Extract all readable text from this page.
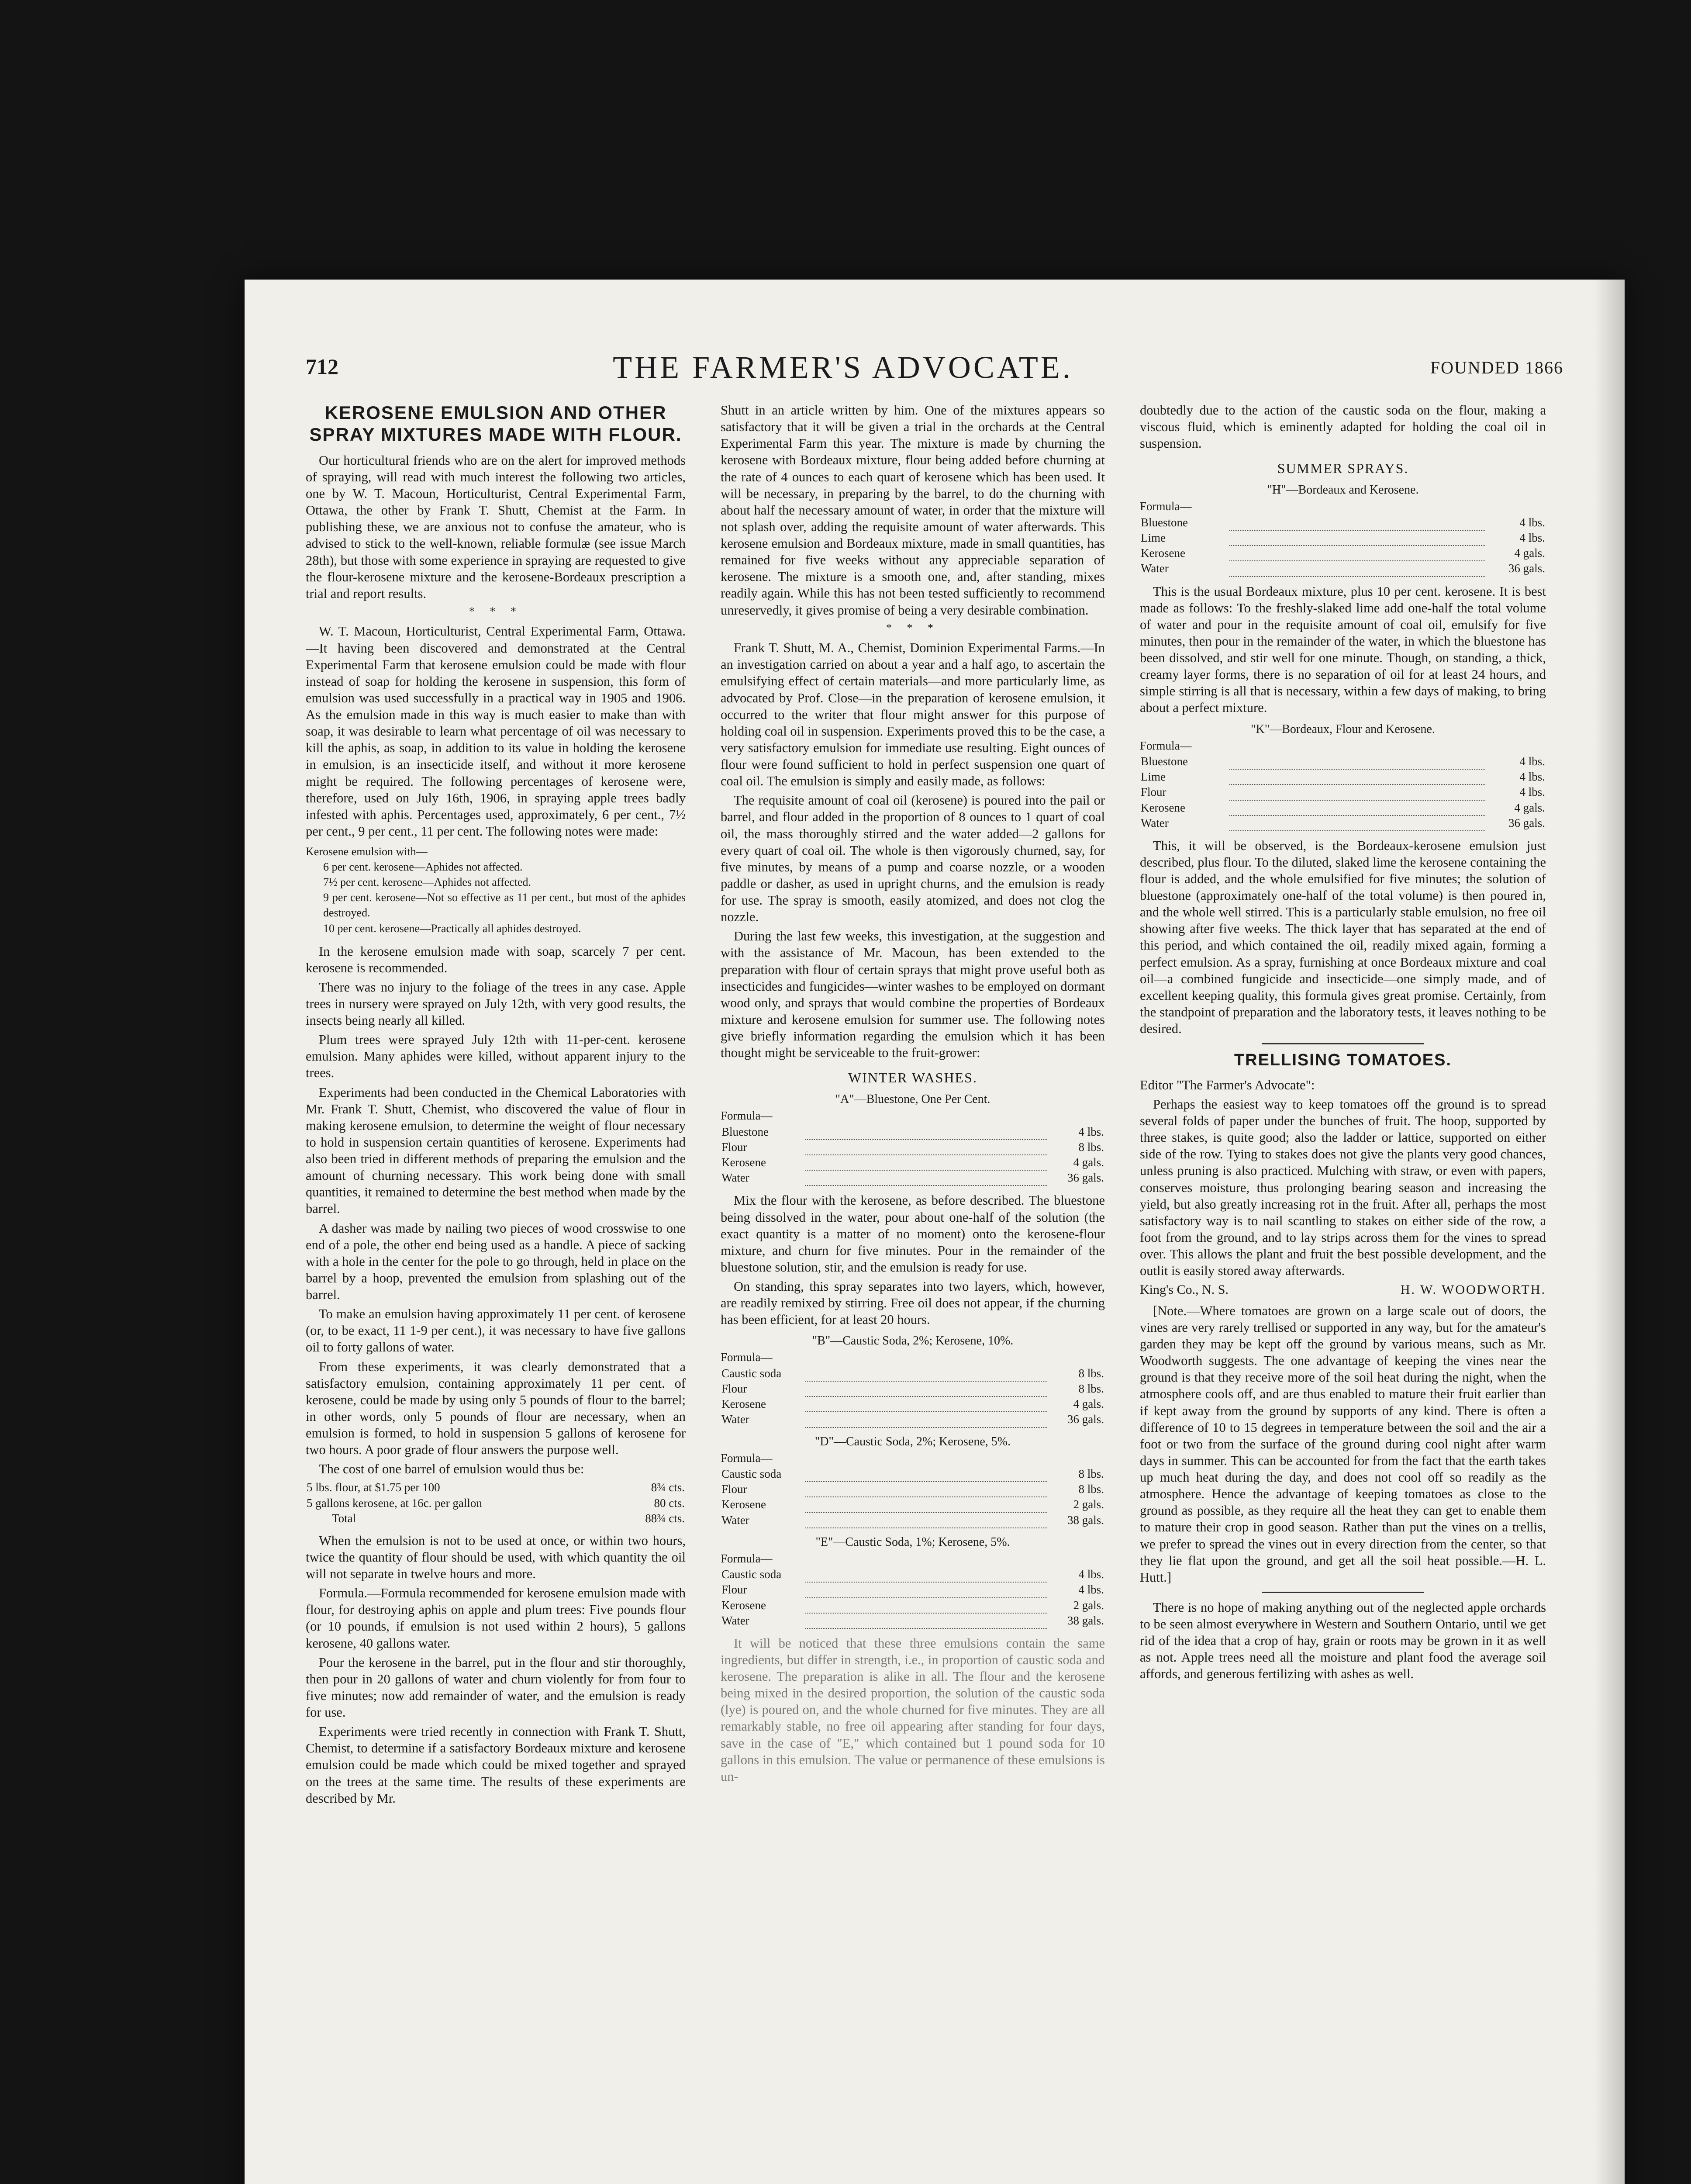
712	THE FARMER'S ADVOCATE.	FOUNDED 1866
KEROSENE EMULSION AND OTHER SPRAY MIXTURES MADE WITH FLOUR.

Our horticultural friends who are on the alert for improved methods of spraying, will read with much interest the following two articles, one by W. T. Macoun, Horticulturist, Central Experimental Farm, Ottawa, the other by Frank T. Shutt, Chemist at the Farm. In publishing these, we are anxious not to confuse the amateur, who is advised to stick to the well-known, reliable formulæ (see issue March 28th), but those with some experience in spraying are requested to give the flour-kerosene mixture and the kerosene-Bordeaux prescription a trial and report results.

* * *

W. T. Macoun, Horticulturist, Central Experimental Farm, Ottawa.—It having been discovered and demonstrated at the Central Experimental Farm that kerosene emulsion could be made with flour instead of soap for holding the kerosene in suspension, this form of emulsion was used successfully in a practical way in 1905 and 1906. As the emulsion made in this way is much easier to make than with soap, it was desirable to learn what percentage of oil was necessary to kill the aphis, as soap, in addition to its value in holding the kerosene in emulsion, is an insecticide itself, and without it more kerosene might be required. The following percentages of kerosene were, therefore, used on July 16th, 1906, in spraying apple trees badly infested with aphis. Percentages used, approximately, 6 per cent., 7½ per cent., 9 per cent., 11 per cent. The following notes were made:

Kerosene emulsion with—
6 per cent. kerosene—Aphides not affected.
7½ per cent. kerosene—Aphides not affected.
9 per cent. kerosene—Not so effective as 11 per cent., but most of the aphides destroyed.
10 per cent. kerosene—Practically all aphides destroyed.

In the kerosene emulsion made with soap, scarcely 7 per cent. kerosene is recommended.

There was no injury to the foliage of the trees in any case. Apple trees in nursery were sprayed on July 12th, with very good results, the insects being nearly all killed.

Plum trees were sprayed July 12th with 11-per-cent. kerosene emulsion. Many aphides were killed, without apparent injury to the trees.

Experiments had been conducted in the Chemical Laboratories with Mr. Frank T. Shutt, Chemist, who discovered the value of flour in making kerosene emulsion, to determine the weight of flour necessary to hold in suspension certain quantities of kerosene. Experiments had also been tried in different methods of preparing the emulsion and the amount of churning necessary. This work being done with small quantities, it remained to determine the best method when made by the barrel.

A dasher was made by nailing two pieces of wood crosswise to one end of a pole, the other end being used as a handle. A piece of sacking with a hole in the center for the pole to go through, held in place on the barrel by a hoop, prevented the emulsion from splashing out of the barrel.

To make an emulsion having approximately 11 per cent. of kerosene (or, to be exact, 11 1-9 per cent.), it was necessary to have five gallons oil to forty gallons of water.

From these experiments, it was clearly demonstrated that a satisfactory emulsion, containing approximately 11 per cent. of kerosene, could be made by using only 5 pounds of flour to the barrel; in other words, only 5 pounds of flour are necessary, when an emulsion is formed, to hold in suspension 5 gallons of kerosene for two hours. A poor grade of flour answers the purpose well.

The cost of one barrel of emulsion would thus be:

5 lbs. flour, at $1.75 per 100	8¾ cts.
5 gallons kerosene, at 16c. per gallon	80 cts.
Total	88¾ cts.

When the emulsion is not to be used at once, or within two hours, twice the quantity of flour should be used, with which quantity the oil will not separate in twelve hours and more.

Formula.—Formula recommended for kerosene emulsion made with flour, for destroying aphis on apple and plum trees: Five pounds flour (or 10 pounds, if emulsion is not used within 2 hours), 5 gallons kerosene, 40 gallons water.

Pour the kerosene in the barrel, put in the flour and stir thoroughly, then pour in 20 gallons of water and churn violently for from four to five minutes; now add remainder of water, and the emulsion is ready for use.

Experiments were tried recently in connection with Frank T. Shutt, Chemist, to determine if a satisfactory Bordeaux mixture and kerosene emulsion could be made which could be mixed together and sprayed on the trees at the same time. The results of these experiments are described by Mr.

Shutt in an article written by him. One of the mixtures appears so satisfactory that it will be given a trial in the orchards at the Central Experimental Farm this year. The mixture is made by churning the kerosene with Bordeaux mixture, flour being added before churning at the rate of 4 ounces to each quart of kerosene which has been used. It will be necessary, in preparing by the barrel, to do the churning with about half the necessary amount of water, in order that the mixture will not splash over, adding the requisite amount of water afterwards. This kerosene emulsion and Bordeaux mixture, made in small quantities, has remained for five weeks without any appreciable separation of kerosene. The mixture is a smooth one, and, after standing, mixes readily again. While this has not been tested sufficiently to recommend unreservedly, it gives promise of being a very desirable combination.

* * *

Frank T. Shutt, M. A., Chemist, Dominion Experimental Farms.—In an investigation carried on about a year and a half ago, to ascertain the emulsifying effect of certain materials—and more particularly lime, as advocated by Prof. Close—in the preparation of kerosene emulsion, it occurred to the writer that flour might answer for this purpose of holding coal oil in suspension. Experiments proved this to be the case, a very satisfactory emulsion for immediate use resulting. Eight ounces of flour were found sufficient to hold in perfect suspension one quart of coal oil. The emulsion is simply and easily made, as follows:

The requisite amount of coal oil (kerosene) is poured into the pail or barrel, and flour added in the proportion of 8 ounces to 1 quart of coal oil, the mass thoroughly stirred and the water added—2 gallons for every quart of coal oil. The whole is then vigorously churned, say, for five minutes, by means of a pump and coarse nozzle, or a wooden paddle or dasher, as used in upright churns, and the emulsion is ready for use. The spray is smooth, easily atomized, and does not clog the nozzle.

During the last few weeks, this investigation, at the suggestion and with the assistance of Mr. Macoun, has been extended to the preparation with flour of certain sprays that might prove useful both as insecticides and fungicides—winter washes to be employed on dormant wood only, and sprays that would combine the properties of Bordeaux mixture and kerosene emulsion for summer use. The following notes give briefly information regarding the emulsion which it has been thought might be serviceable to the fruit-grower:

WINTER WASHES.
"A"—Bluestone, One Per Cent.
Formula—
Bluestone		4 lbs.
Flour		8 lbs.
Kerosene		4 gals.
Water		36 gals.

Mix the flour with the kerosene, as before described. The bluestone being dissolved in the water, pour about one-half of the solution (the exact quantity is a matter of no moment) onto the kerosene-flour mixture, and churn for five minutes. Pour in the remainder of the bluestone solution, stir, and the emulsion is ready for use.

On standing, this spray separates into two layers, which, however, are readily remixed by stirring. Free oil does not appear, if the churning has been efficient, for at least 20 hours.

"B"—Caustic Soda, 2%; Kerosene, 10%.
Formula—
Caustic soda		8 lbs.
Flour		8 lbs.
Kerosene		4 gals.
Water		36 gals.
"D"—Caustic Soda, 2%; Kerosene, 5%.
Formula—
Caustic soda		8 lbs.
Flour		8 lbs.
Kerosene		2 gals.
Water		38 gals.
"E"—Caustic Soda, 1%; Kerosene, 5%.
Formula—
Caustic soda		4 lbs.
Flour		4 lbs.
Kerosene		2 gals.
Water		38 gals.

It will be noticed that these three emulsions contain the same ingredients, but differ in strength, i.e., in proportion of caustic soda and kerosene. The preparation is alike in all. The flour and the kerosene being mixed in the desired proportion, the solution of the caustic soda (lye) is poured on, and the whole churned for five minutes. They are all remarkably stable, no free oil appearing after standing for four days, save in the case of "E," which contained but 1 pound soda for 10 gallons in this emulsion. The value or permanence of these emulsions is un-

doubtedly due to the action of the caustic soda on the flour, making a viscous fluid, which is eminently adapted for holding the coal oil in suspension.

SUMMER SPRAYS.
"H"—Bordeaux and Kerosene.
Formula—
Bluestone		4 lbs.
Lime		4 lbs.
Kerosene		4 gals.
Water		36 gals.

This is the usual Bordeaux mixture, plus 10 per cent. kerosene. It is best made as follows: To the freshly-slaked lime add one-half the total volume of water and pour in the requisite amount of coal oil, emulsify for five minutes, then pour in the remainder of the water, in which the bluestone has been dissolved, and stir well for one minute. Though, on standing, a thick, creamy layer forms, there is no separation of oil for at least 24 hours, and simple stirring is all that is necessary, within a few days of making, to bring about a perfect mixture.

"K"—Bordeaux, Flour and Kerosene.
Formula—
Bluestone		4 lbs.
Lime		4 lbs.
Flour		4 lbs.
Kerosene		4 gals.
Water		36 gals.

This, it will be observed, is the Bordeaux-kerosene emulsion just described, plus flour. To the diluted, slaked lime the kerosene containing the flour is added, and the whole emulsified for five minutes; the solution of bluestone (approximately one-half of the total volume) is then poured in, and the whole well stirred. This is a particularly stable emulsion, no free oil showing after five weeks. The thick layer that has separated at the end of this period, and which contained the oil, readily mixed again, forming a perfect emulsion. As a spray, furnishing at once Bordeaux mixture and coal oil—a combined fungicide and insecticide—one simply made, and of excellent keeping quality, this formula gives great promise. Certainly, from the standpoint of preparation and the laboratory tests, it leaves nothing to be desired.

TRELLISING TOMATOES.

Editor "The Farmer's Advocate":

Perhaps the easiest way to keep tomatoes off the ground is to spread several folds of paper under the bunches of fruit. The hoop, supported by three stakes, is quite good; also the ladder or lattice, supported on either side of the row. Tying to stakes does not give the plants very good chances, unless pruning is also practiced. Mulching with straw, or even with papers, conserves moisture, thus prolonging bearing season and increasing the yield, but also greatly increasing rot in the fruit. After all, perhaps the most satisfactory way is to nail scantling to stakes on either side of the row, a foot from the ground, and to lay strips across them for the vines to spread over. This allows the plant and fruit the best possible development, and the outlit is easily stored away afterwards.

King's Co., N. S.	H. W. WOODWORTH.

[Note.—Where tomatoes are grown on a large scale out of doors, the vines are very rarely trellised or supported in any way, but for the amateur's garden they may be kept off the ground by various means, such as Mr. Woodworth suggests. The one advantage of keeping the vines near the ground is that they receive more of the soil heat during the night, when the atmosphere cools off, and are thus enabled to mature their fruit earlier than if kept away from the ground by supports of any kind. There is often a difference of 10 to 15 degrees in temperature between the soil and the air a foot or two from the surface of the ground during cool night after warm days in summer. This can be accounted for from the fact that the earth takes up much heat during the day, and does not cool off so readily as the atmosphere. Hence the advantage of keeping tomatoes as close to the ground as possible, as they require all the heat they can get to enable them to mature their crop in good season. Rather than put the vines on a trellis, we prefer to spread the vines out in every direction from the center, so that they lie flat upon the ground, and get all the soil heat possible.—H. L. Hutt.]

There is no hope of making anything out of the neglected apple orchards to be seen almost everywhere in Western and Southern Ontario, until we get rid of the idea that a crop of hay, grain or roots may be grown in it as well as not. Apple trees need all the moisture and plant food the average soil affords, and generous fertilizing with ashes as well.
